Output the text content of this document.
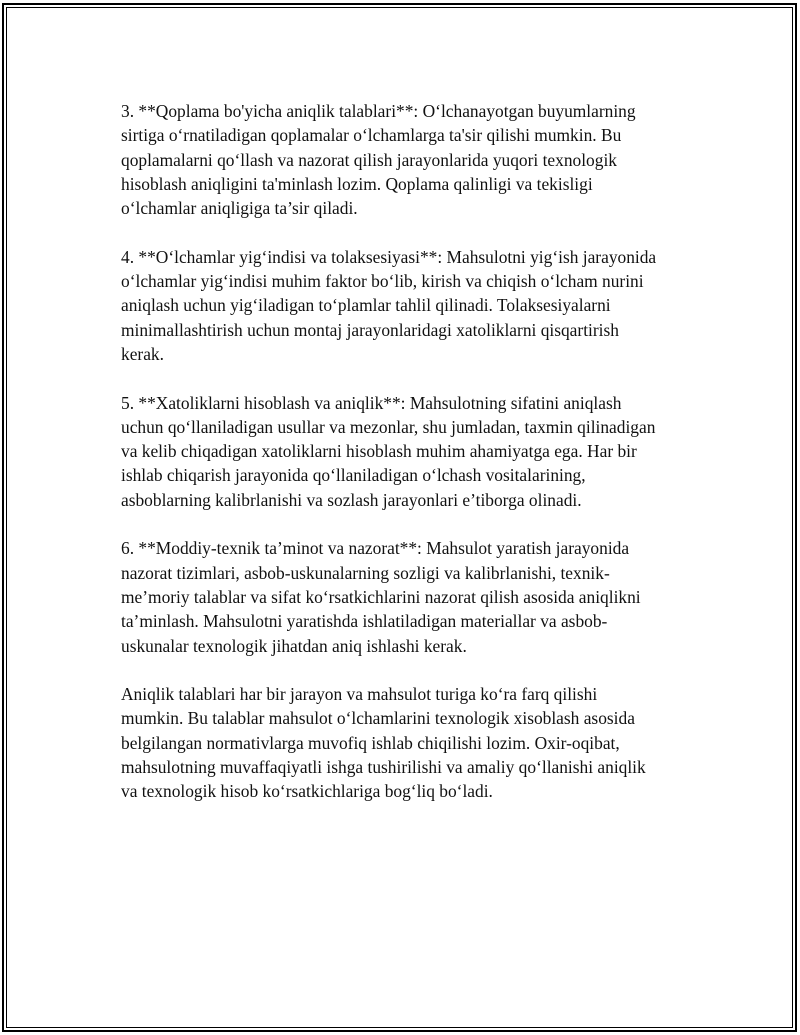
3. **Qoplama bo'yicha aniqlik talablari**: O‘lchanayotgan buyumlarning
sirtiga o‘rnatiladigan qoplamalar o‘lchamlarga ta'sir qilishi mumkin. Bu
qoplamalarni qo‘llash va nazorat qilish jarayonlarida yuqori texnologik
hisoblash aniqligini ta'minlash lozim. Qoplama qalinligi va tekisligi
o‘lchamlar aniqligiga ta’sir qiladi.

4. **O‘lchamlar yig‘indisi va tolaksesiyasi**: Mahsulotni yig‘ish jarayonida
o‘lchamlar yig‘indisi muhim faktor bo‘lib, kirish va chiqish o‘lcham nurini
aniqlash uchun yig‘iladigan to‘plamlar tahlil qilinadi. Tolaksesiyalarni
minimallashtirish uchun montaj jarayonlaridagi xatoliklarni qisqartirish
kerak.

5. **Xatoliklarni hisoblash va aniqlik**: Mahsulotning sifatini aniqlash
uchun qo‘llaniladigan usullar va mezonlar, shu jumladan, taxmin qilinadigan
va kelib chiqadigan xatoliklarni hisoblash muhim ahamiyatga ega. Har bir
ishlab chiqarish jarayonida qo‘llaniladigan o‘lchash vositalarining,
asboblarning kalibrlanishi va sozlash jarayonlari e’tiborga olinadi.

6. **Moddiy-texnik ta’minot va nazorat**: Mahsulot yaratish jarayonida
nazorat tizimlari, asbob-uskunalarning sozligi va kalibrlanishi, texnik-
me’moriy talablar va sifat ko‘rsatkichlarini nazorat qilish asosida aniqlikni
ta’minlash. Mahsulotni yaratishda ishlatiladigan materiallar va asbob-
uskunalar texnologik jihatdan aniq ishlashi kerak.

Aniqlik talablari har bir jarayon va mahsulot turiga ko‘ra farq qilishi
mumkin. Bu talablar mahsulot o‘lchamlarini texnologik xisoblash asosida
belgilangan normativlarga muvofiq ishlab chiqilishi lozim. Oxir-oqibat,
mahsulotning muvaffaqiyatli ishga tushirilishi va amaliy qo‘llanishi aniqlik
va texnologik hisob ko‘rsatkichlariga bog‘liq bo‘ladi.
